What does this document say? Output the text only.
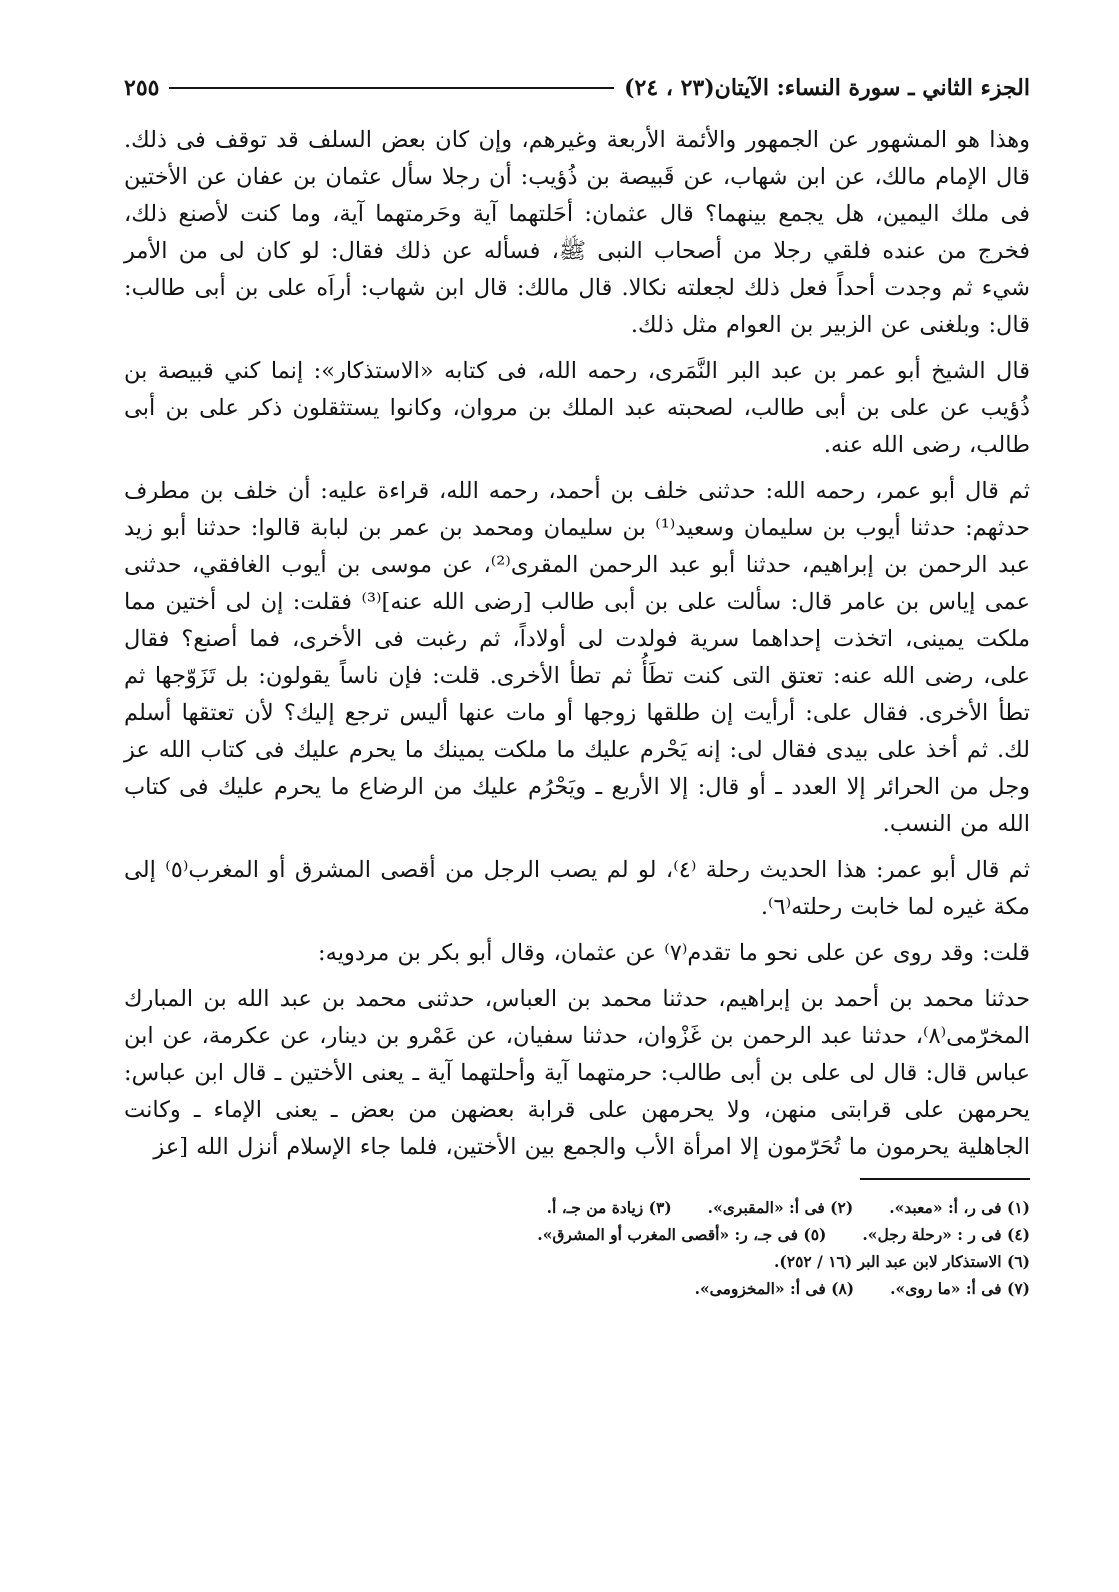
الجزء الثاني ـ سورة النساء: الآيتان(٢٣ ، ٢٤)
٢٥٥

وهذا هو المشهور عن الجمهور والأئمة الأربعة وغيرهم، وإن كان بعض السلف قد توقف فى ذلك. قال الإمام مالك، عن ابن شهاب، عن قَبيصة بن ذُؤيب: أن رجلا سأل عثمان بن عفان عن الأختين فى ملك اليمين، هل يجمع بينهما؟ قال عثمان: أحَلتهما آية وحَرمتهما آية، وما كنت لأصنع ذلك، فخرج من عنده فلقي رجلا من أصحاب النبى ﷺ، فسأله عن ذلك فقال: لو كان لى من الأمر شيء ثم وجدت أحداً فعل ذلك لجعلته نكالا. قال مالك: قال ابن شهاب: أراَه على بن أبى طالب: قال: وبلغنى عن الزبير بن العوام مثل ذلك.

قال الشيخ أبو عمر بن عبد البر النَّمَرى، رحمه الله، فى كتابه «الاستذكار»: إنما كني قبيصة بن ذُؤيب عن على بن أبى طالب، لصحبته عبد الملك بن مروان، وكانوا يستثقلون ذكر على بن أبى طالب، رضى الله عنه.

ثم قال أبو عمر، رحمه الله: حدثنى خلف بن أحمد، رحمه الله، قراءة عليه: أن خلف بن مطرف حدثهم: حدثنا أيوب بن سليمان وسعيد⁽¹⁾ بن سليمان ومحمد بن عمر بن لبابة قالوا: حدثنا أبو زيد عبد الرحمن بن إبراهيم، حدثنا أبو عبد الرحمن المقرى⁽²⁾، عن موسى بن أيوب الغافقي، حدثنى عمى إياس بن عامر قال: سألت على بن أبى طالب [رضى الله عنه]⁽³⁾ فقلت: إن لى أختين مما ملكت يمينى، اتخذت إحداهما سرية فولدت لى أولاداً، ثم رغبت فى الأخرى، فما أصنع؟ فقال على، رضى الله عنه: تعتق التى كنت تطَأُ ثم تطأ الأخرى. قلت: فإن ناساً يقولون: بل تَزَوّجها ثم تطأ الأخرى. فقال على: أرأيت إن طلقها زوجها أو مات عنها أليس ترجع إليك؟ لأن تعتقها أسلم لك. ثم أخذ على بيدى فقال لى: إنه يَحْرم عليك ما ملكت يمينك ما يحرم عليك فى كتاب الله عز وجل من الحرائر إلا العدد ـ أو قال: إلا الأربع ـ ويَحْرُم عليك من الرضاع ما يحرم عليك فى كتاب الله من النسب.

ثم قال أبو عمر: هذا الحديث رحلة ⁽٤⁾، لو لم يصب الرجل من أقصى المشرق أو المغرب⁽٥⁾ إلى مكة غيره لما خابت رحلته⁽٦⁾.

قلت: وقد روى عن على نحو ما تقدم⁽٧⁾ عن عثمان، وقال أبو بكر بن مردويه:

حدثنا محمد بن أحمد بن إبراهيم، حدثنا محمد بن العباس، حدثنى محمد بن عبد الله بن المبارك المخرّمى⁽٨⁾، حدثنا عبد الرحمن بن غَزْوان، حدثنا سفيان، عن عَمْرو بن دينار، عن عكرمة، عن ابن عباس قال: قال لى على بن أبى طالب: حرمتهما آية وأحلتهما آية ـ يعنى الأختين ـ قال ابن عباس: يحرمهن على قرابتى منهن، ولا يحرمهن على قرابة بعضهن من بعض ـ يعنى الإماء ـ وكانت الجاهلية يحرمون ما تُحَرّمون إلا امرأة الأب والجمع بين الأختين، فلما جاء الإسلام أنزل الله [عز

(١) فى ر، أ: «معبد».
(٢) فى أ: «المقبرى».
(٣) زيادة من جـ، أ.
(٤) فى ر : «رحلة رجل».
(٥) فى جـ، ر: «أقصى المغرب أو المشرق».
(٦) الاستذكار لابن عبد البر (١٦ / ٢٥٢).
(٧) فى أ: «ما روى».
(٨) فى أ: «المخزومى».
